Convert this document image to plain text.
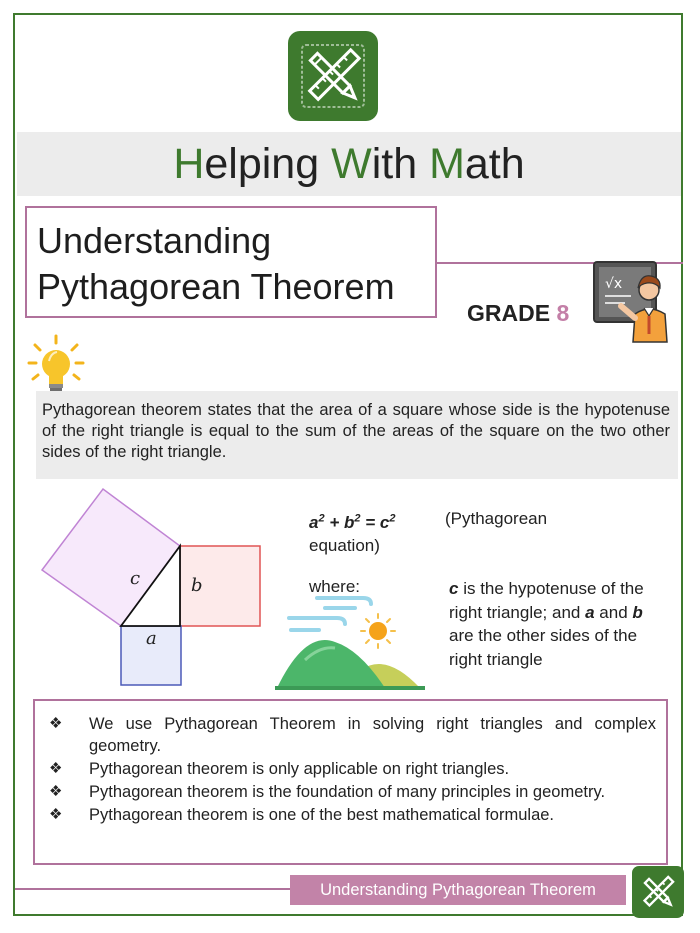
Helping With Math
Understanding
Pythagorean Theorem
GRADE 8
√x
Pythagorean theorem states that the area of a square whose side is the hypotenuse of the right triangle is equal to the sum of the areas of the square on the two other sides of the right triangle.
c	b
a
$a^2 + b^2 = c^2$	(Pythagorean
equation)
where:	c is the hypotenuse of the right triangle; and a and b are the other sides of the right triangle
❖ We use Pythagorean Theorem in solving right triangles and complex geometry.
❖ Pythagorean theorem is only applicable on right triangles.
❖ Pythagorean theorem is the foundation of many principles in geometry.
❖ Pythagorean theorem is one of the best mathematical formulae.
Understanding Pythagorean Theorem
